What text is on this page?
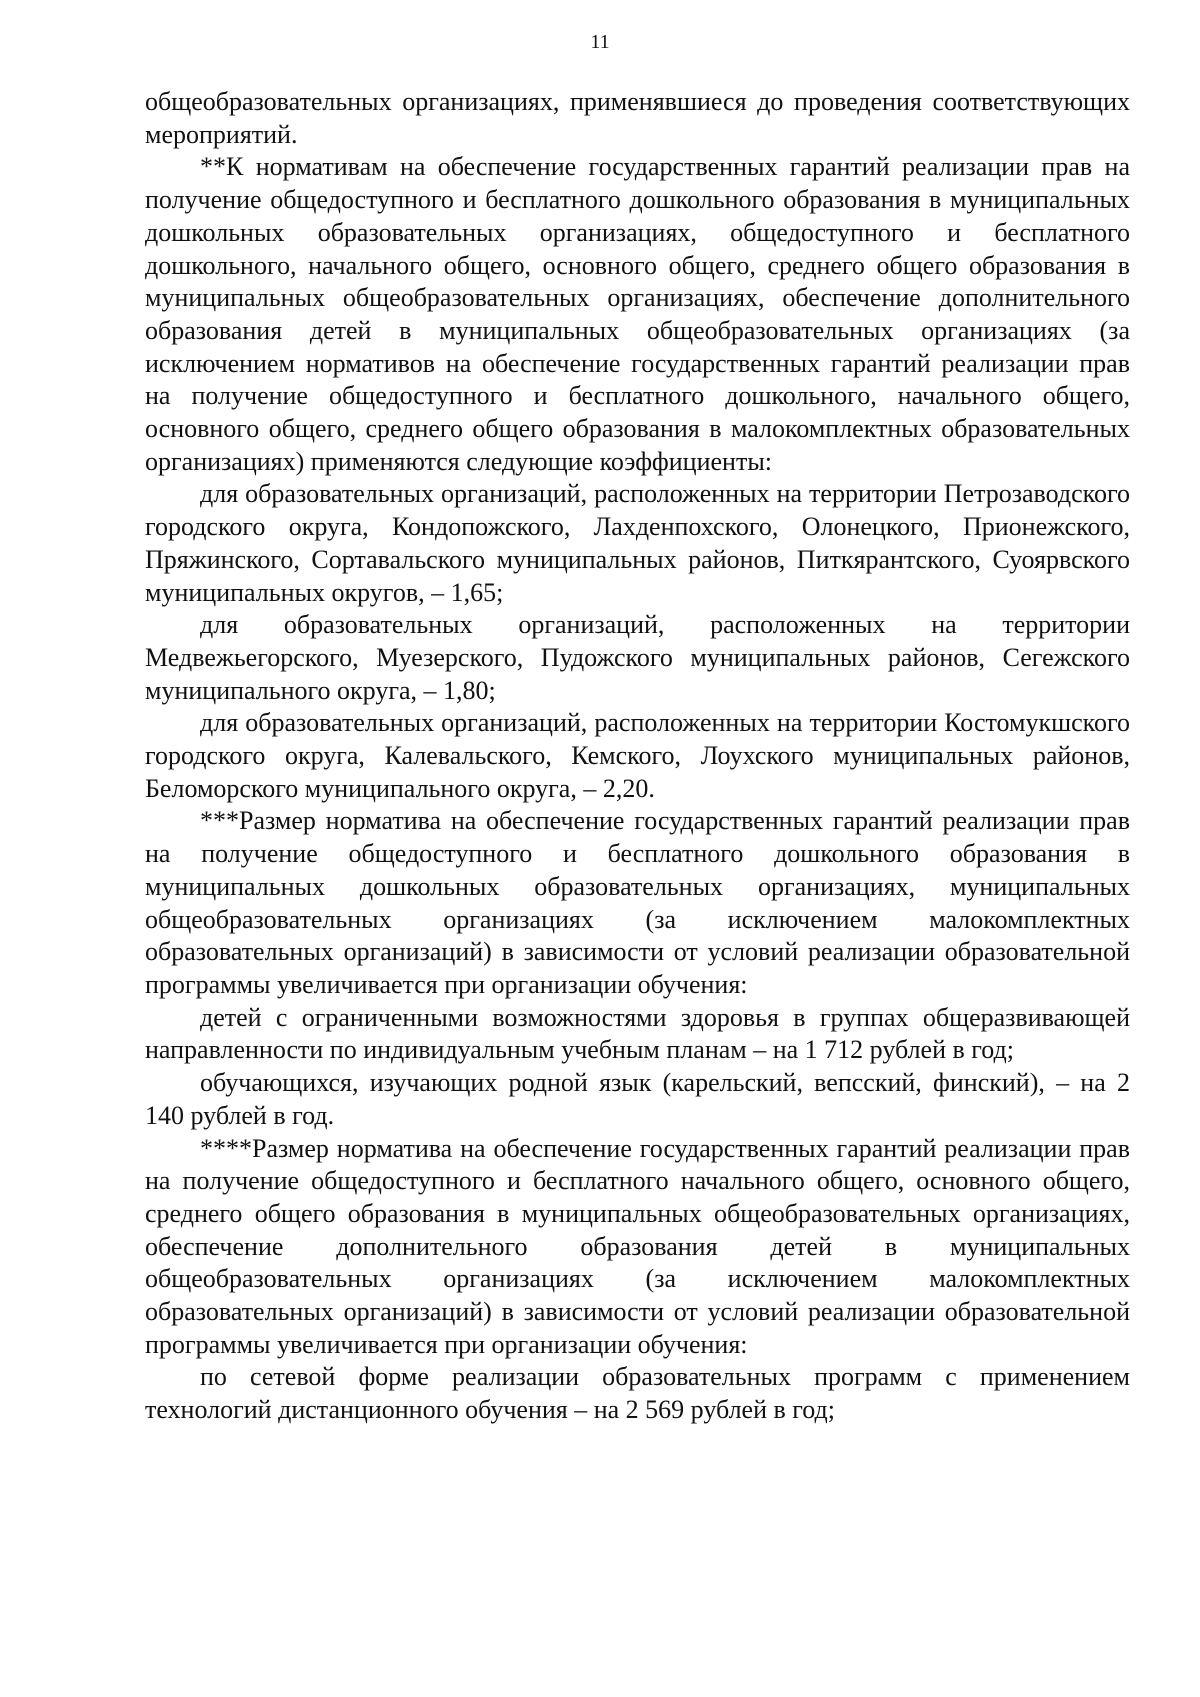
11

общеобразовательных организациях, применявшиеся до проведения соответствующих мероприятий.

**К нормативам на обеспечение государственных гарантий реализации прав на получение общедоступного и бесплатного дошкольного образования в муниципальных дошкольных образовательных организациях, общедоступного и бесплатного дошкольного, начального общего, основного общего, среднего общего образования в муниципальных общеобразовательных организациях, обеспечение дополнительного образования детей в муниципальных общеобразовательных организациях (за исключением нормативов на обеспечение государственных гарантий реализации прав на получение общедоступного и бесплатного дошкольного, начального общего, основного общего, среднего общего образования в малокомплектных образовательных организациях) применяются следующие коэффициенты:

для образовательных организаций, расположенных на территории Петрозаводского городского округа, Кондопожского, Лахденпохского, Олонецкого, Прионежского, Пряжинского, Сортавальского муниципальных районов, Питкярантского, Суоярвского муниципальных округов, – 1,65;

для образовательных организаций, расположенных на территории Медвежьегорского, Муезерского, Пудожского муниципальных районов, Сегежского муниципального округа, – 1,80;

для образовательных организаций, расположенных на территории Костомукшского городского округа, Калевальского, Кемского, Лоухского муниципальных районов, Беломорского муниципального округа, – 2,20.

***Размер норматива на обеспечение государственных гарантий реализации прав на получение общедоступного и бесплатного дошкольного образования в муниципальных дошкольных образовательных организациях, муниципальных общеобразовательных организациях (за исключением малокомплектных образовательных организаций) в зависимости от условий реализации образовательной программы увеличивается при организации обучения:

детей с ограниченными возможностями здоровья в группах общеразвивающей направленности по индивидуальным учебным планам – на 1 712 рублей в год;

обучающихся, изучающих родной язык (карельский, вепсский, финский), – на 2 140 рублей в год.

****Размер норматива на обеспечение государственных гарантий реализации прав на получение общедоступного и бесплатного начального общего, основного общего, среднего общего образования в муниципальных общеобразовательных организациях, обеспечение дополнительного образования детей в муниципальных общеобразовательных организациях (за исключением малокомплектных образовательных организаций) в зависимости от условий реализации образовательной программы увеличивается при организации обучения:

по сетевой форме реализации образовательных программ с применением технологий дистанционного обучения – на 2 569 рублей в год;
